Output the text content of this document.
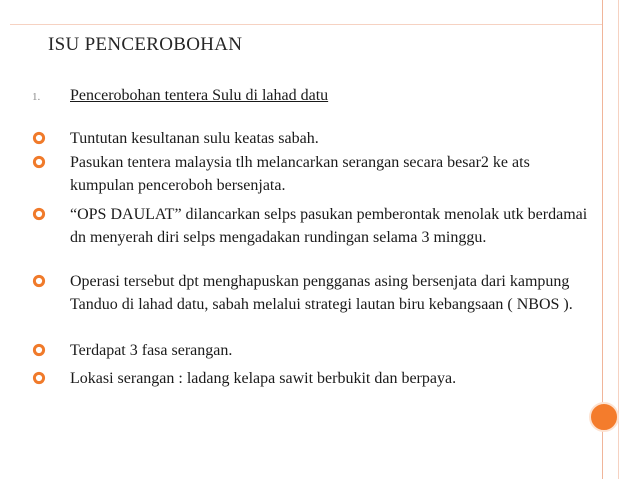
ISU PENCEROBOHAN
1. Pencerobohan tentera Sulu di lahad datu
Tuntutan kesultanan sulu keatas sabah.
Pasukan tentera malaysia tlh melancarkan serangan secara besar2 ke ats kumpulan penceroboh bersenjata.
“OPS DAULAT” dilancarkan selps pasukan pemberontak menolak utk berdamai dn menyerah diri selps mengadakan rundingan selama 3 minggu.
Operasi tersebut dpt menghapuskan pengganas asing bersenjata dari kampung Tanduo di lahad datu, sabah melalui strategi lautan biru kebangsaan ( NBOS ).
Terdapat 3 fasa serangan.
Lokasi serangan : ladang kelapa sawit berbukit dan berpaya.
